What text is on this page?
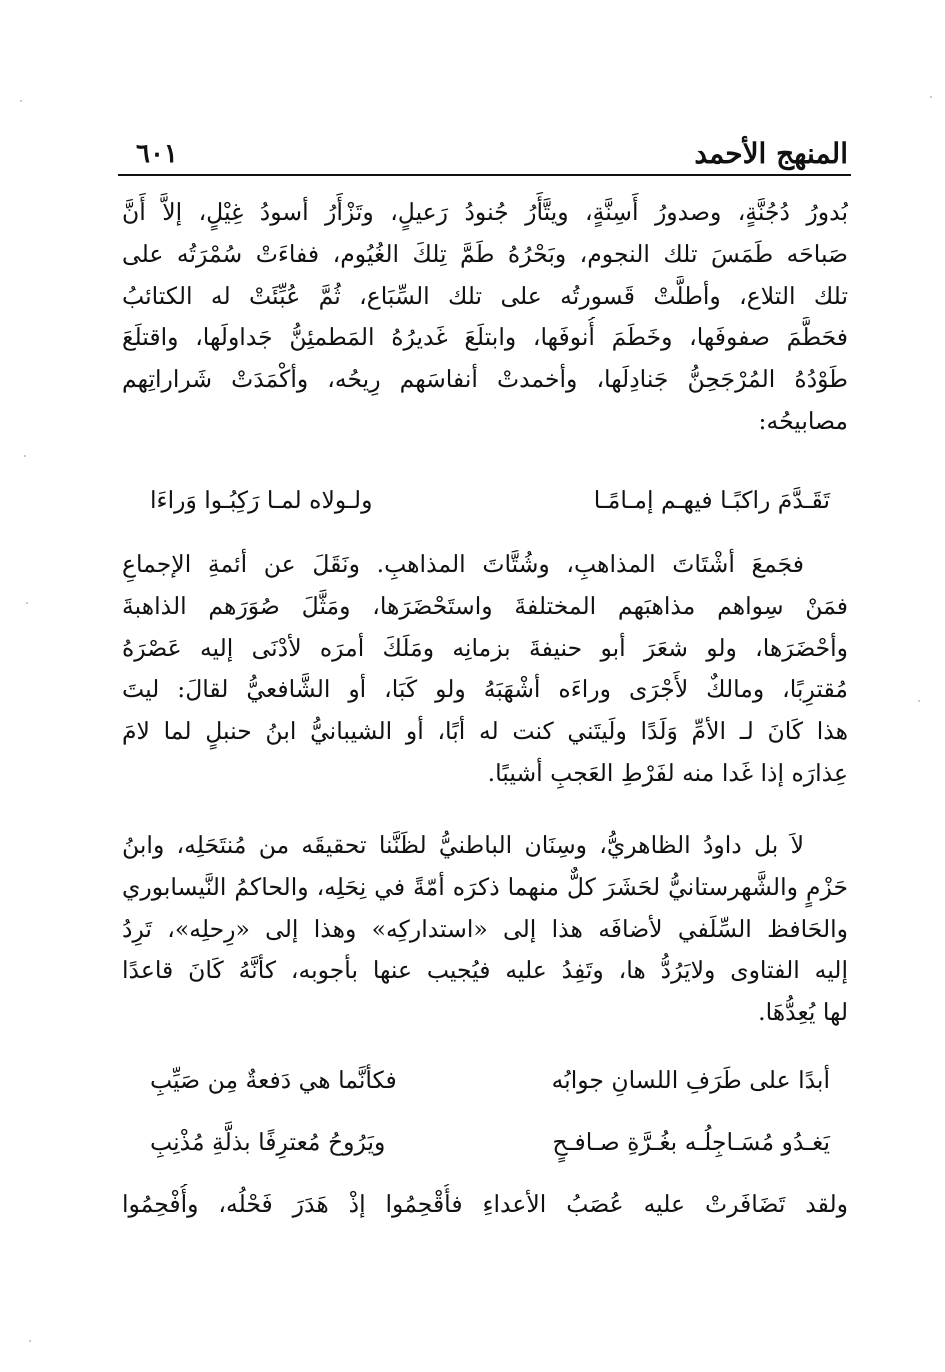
المنهج الأحمد
٦٠١
بُدورُ دُجُنَّةٍ، وصدورُ أَسِنَّةٍ، ويتَّأَرُ جُنودُ رَعيلٍ، وتَزْأَرُ أسودُ غِيْلٍ، إلاَّ أَنَّ
صَباحَه طَمَسَ تلك النجوم، وبَحْرُهُ طَمَّ تِلكَ الغُيُوم، ففاءَتْ سُمْرَتُه على
تلك التلاع، وأطلَّتْ قَسورتُه على تلك السِّبَاع، ثُمَّ عُبِّئَتْ له الكتائبُ
فحَطَّمَ صفوفَها، وخَطَمَ أُنوفَها، وابتلَعَ غَديرُهُ المَطمئِنُّ جَداولَها، واقتلَعَ
طَوْدُهُ المُرْجَحِنُّ جَنادِلَها، وأخمدتْ أنفاسَهم رِيحُه، وأكْمَدَتْ شَراراتِهم
مصابيحُه:
تَقَـدَّمَ راكبًـا فيهـم إمـامًـا
ولـولاه لمـا رَكِبُـوا وَراءَا
فجَمعَ أشْتَاتَ المذاهبِ، وشُتَّاتَ المذاهبِ. ونَقَلَ عن أئمةِ الإجماعِ
فمَنْ سِواهم مذاهبَهم المختلفةَ واستَحْضَرَها، ومَثَّلَ صُوَرَهم الذاهبةَ
وأحْضَرَها، ولو شعَرَ أبو حنيفةَ بزمانِه ومَلَكَ أمرَه لأدْنَى إليه عَصْرَهُ
مُقترِبًا، ومالكٌ لأَجْرَى وراءَه أشْهَبَهُ ولو كَبَا، أو الشَّافعيُّ لقالَ: ليتَ
هذا كَانَ لـ الأمِّ وَلَدًا ولَيتَني كنت له أبًا، أو الشيبانيُّ ابنُ حنبلٍ لما لامَ
عِذارَه إذا غَدا منه لفَرْطِ العَجبِ أشيبًا.
لاَ بل داودُ الظاهريُّ، وسِنَان الباطنيُّ لظَنَّنا تحقيقَه من مُنتَحَلِه، وابنُ
حَزْمٍ والشَّهرستانيُّ لحَشَرَ كلٌّ منهما ذكرَه أمّةً في نِحَلِه، والحاكمُ النَّيسابوري
والحَافظ السِّلَفي لأضافَه هذا إلى «استداركِه» وهذا إلى «رِحلِه»، تَرِدُ
إليه الفتاوى ولايَرُدُّ ها، وتَفِدُ عليه فيُجيب عنها بأجوبه، كأنَّهُ كَانَ قاعدًا
لها يُعِدُّهَا.
أبدًا على طَرَفِ اللسانِ جوابُه
فكأنَّما هي دَفعةٌ مِن صَيِّبِ
يَغـدُو مُسَـاجِلُـه بغُـرَّةِ صـافـحٍ
ويَرُوحُ مُعترِفًا بذلَّةِ مُذْنِبِ
ولقد تَضَافَرتْ عليه عُصَبُ الأعداءِ فأُقْحِمُوا إذْ هَدَرَ فَحْلُه، وأُفْحِمُوا
